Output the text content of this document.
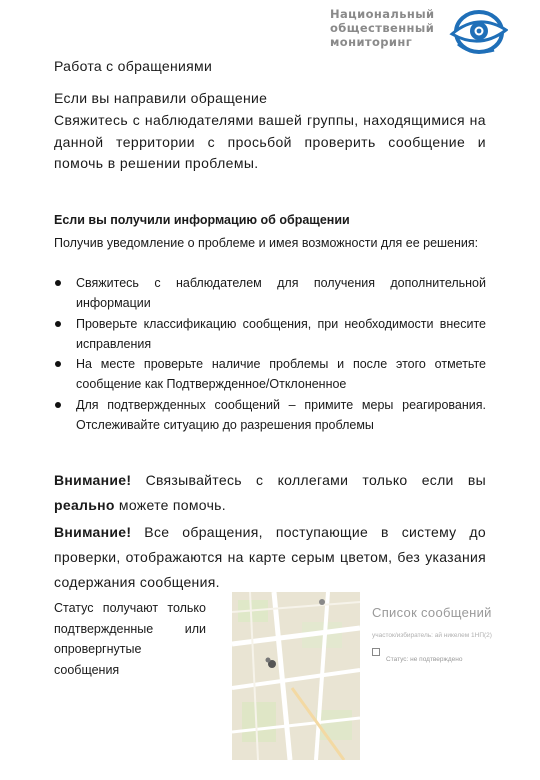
Национальный
общественный
мониторинг
Работа с обращениями
Если вы направили обращение
Свяжитесь с наблюдателями вашей группы, находящимися на данной территории с просьбой проверить сообщение и помочь в решении проблемы.
Если вы получили информацию об обращении
Получив уведомление о проблеме и имея возможности для ее решения:
Свяжитесь с наблюдателем для получения дополнительной информации
Проверьте классификацию сообщения, при необходимости внесите исправления
На месте проверьте наличие проблемы и после этого отметьте сообщение как Подтвержденное/Отклоненное
Для подтвержденных сообщений – примите меры реагирования. Отслеживайте ситуацию до разрешения проблемы
Внимание! Связывайтесь с коллегами только если вы реально можете помочь.
Внимание! Все обращения, поступающие в систему до проверки, отображаются на карте серым цветом, без указания содержания сообщения.
Статус получают только подтвержденные или опровергнутые сообщения
Список сообщений
участок/избиратель: ай никелем 1НП(2)
Статус: не подтверждено
